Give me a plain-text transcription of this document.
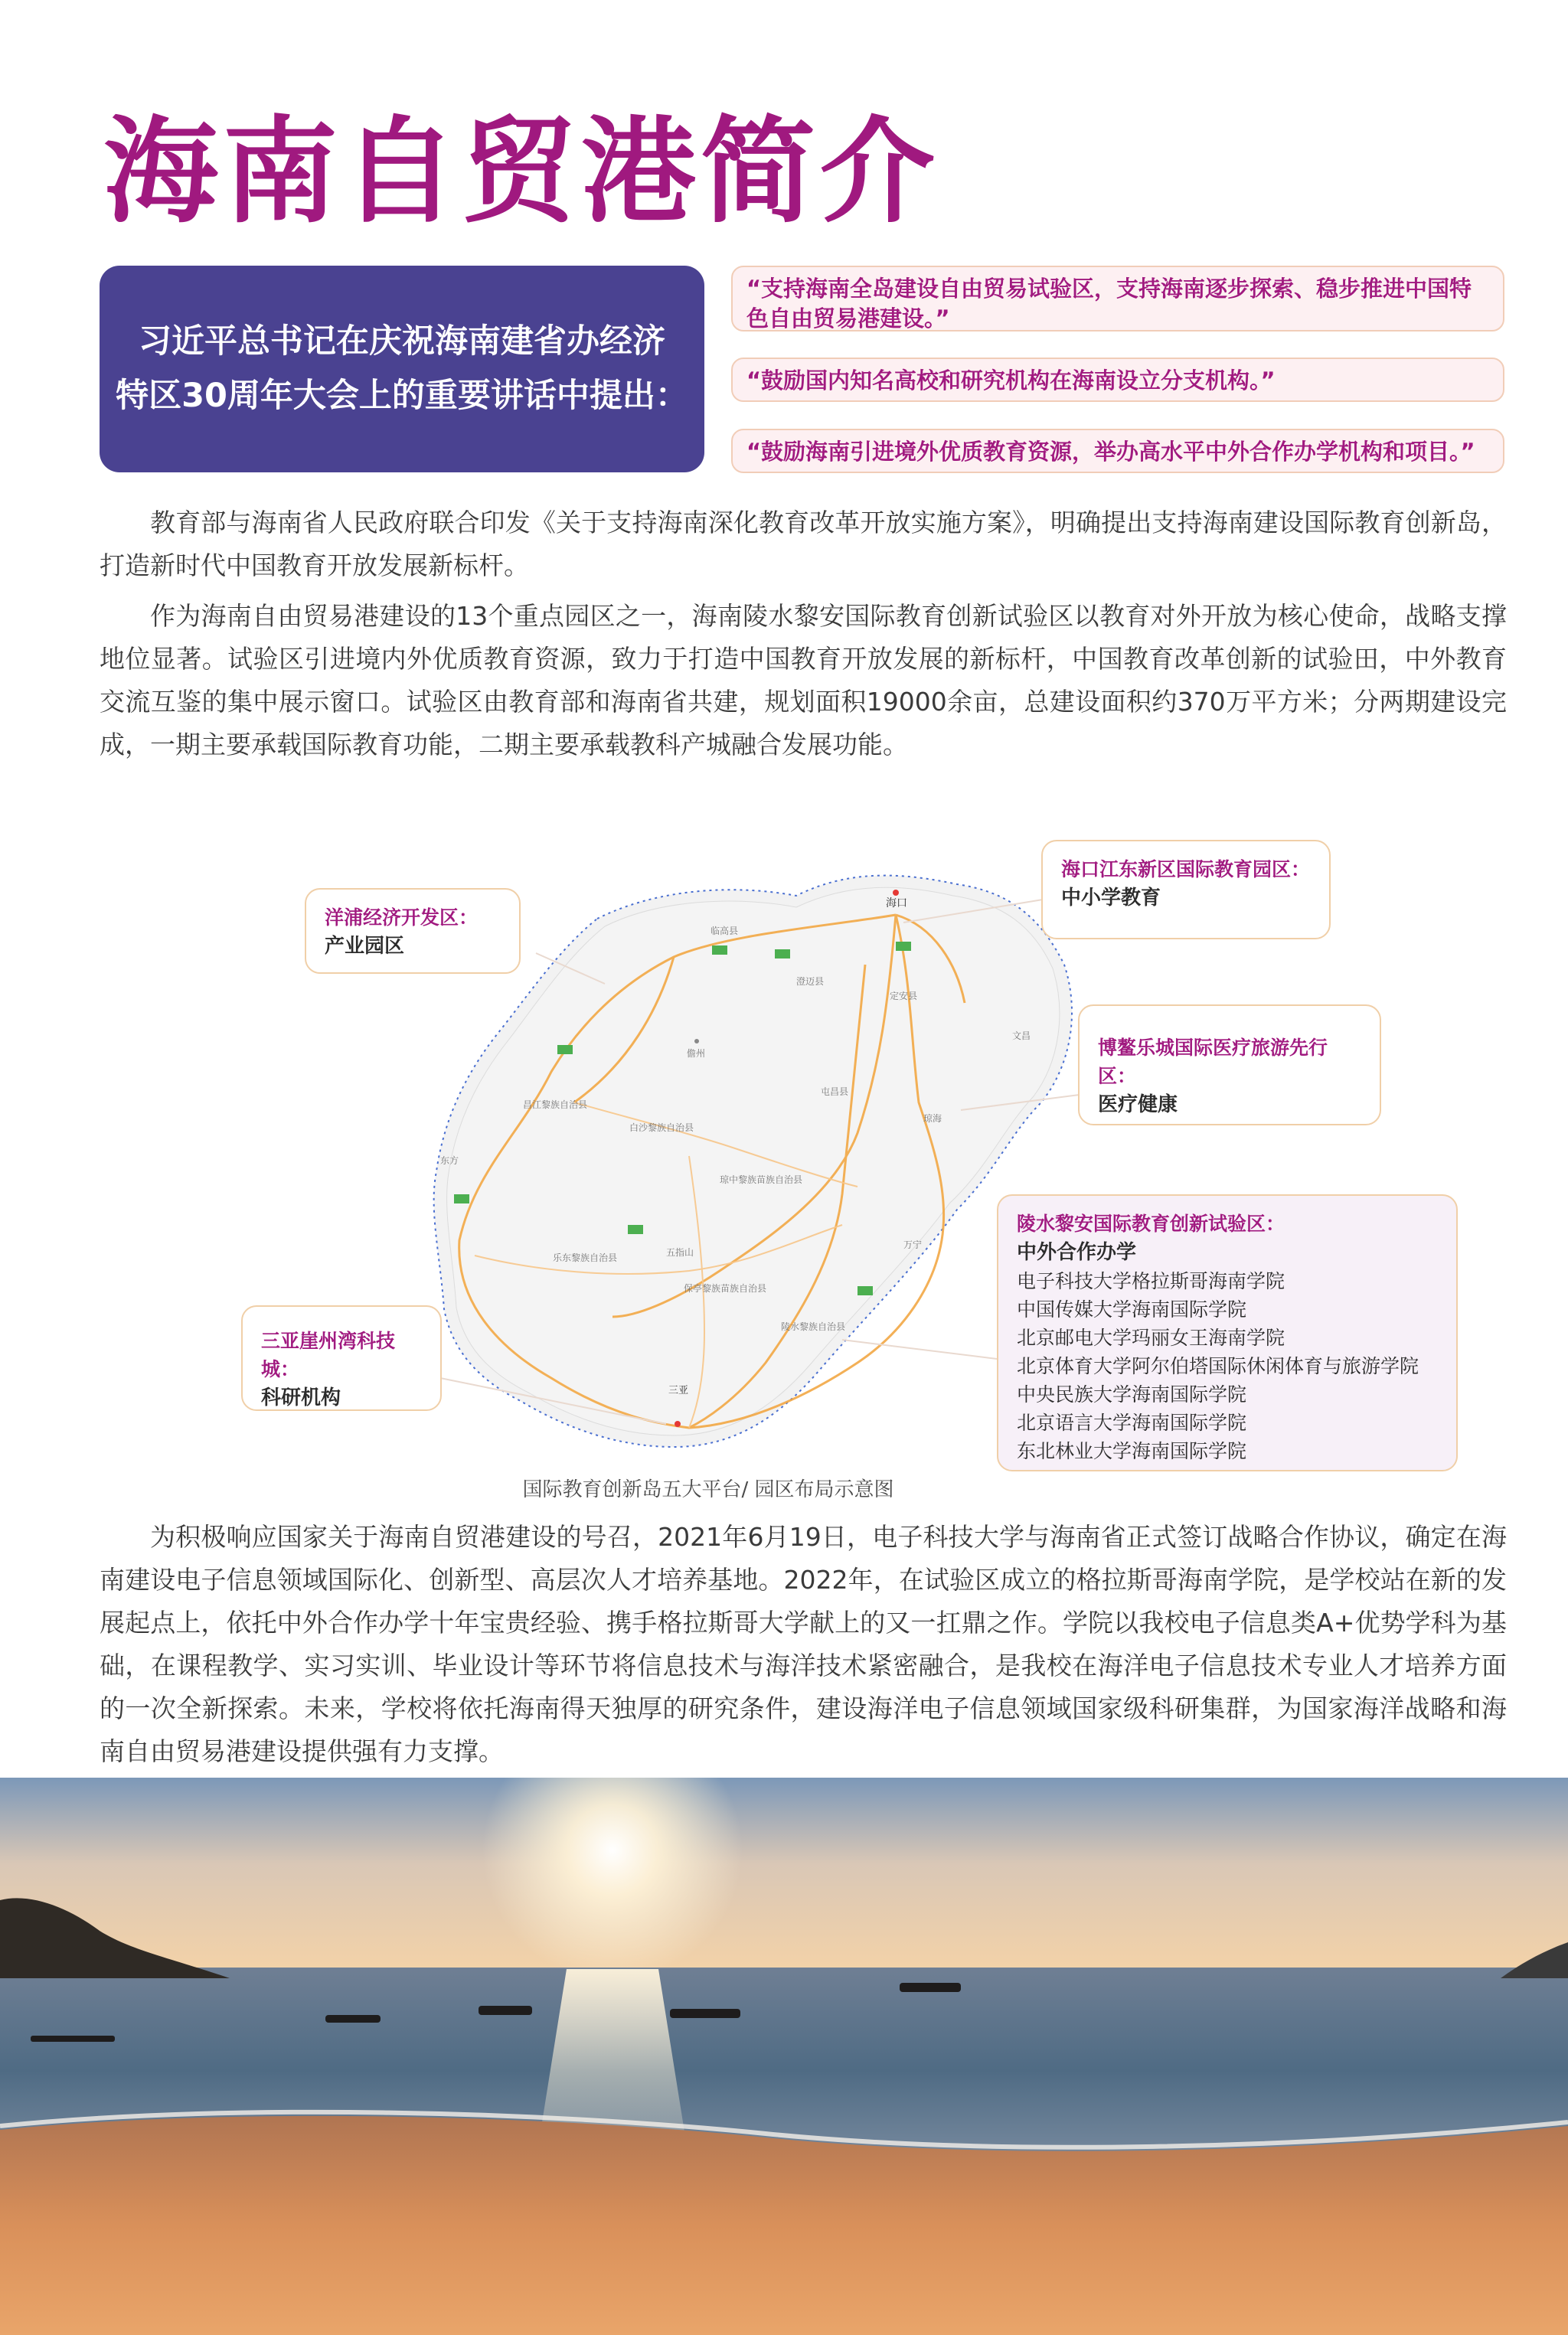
海南自贸港简介
习近平总书记在庆祝海南建省办经济
特区30周年大会上的重要讲话中提出：
“支持海南全岛建设自由贸易试验区，支持海南逐步探索、稳步推进中国特色自由贸易港建设。”
“鼓励国内知名高校和研究机构在海南设立分支机构。”
“鼓励海南引进境外优质教育资源，举办高水平中外合作办学机构和项目。”

教育部与海南省人民政府联合印发《关于支持海南深化教育改革开放实施方案》，明确提出支持海南建设国际教育创新岛，打造新时代中国教育开放发展新标杆。

作为海南自由贸易港建设的13个重点园区之一，海南陵水黎安国际教育创新试验区以教育对外开放为核心使命，战略支撑地位显著。试验区引进境内外优质教育资源，致力于打造中国教育开放发展的新标杆，中国教育改革创新的试验田，中外教育交流互鉴的集中展示窗口。试验区由教育部和海南省共建，规划面积19000余亩，总建设面积约370万平方米；分两期建设完成，一期主要承载国际教育功能，二期主要承载教科产城融合发展功能。

海口
临高县
澄迈县
定安县
文昌
儋州
昌江黎族自治县
白沙黎族自治县
屯昌县
琼海
东方
琼中黎族苗族自治县
乐东黎族自治县	五指山
保亭黎族苗族自治县
万宁
陵水黎族自治县
三亚
洋浦经济开发区：
产业园区
海口江东新区国际教育园区：
中小学教育
博鳌乐城国际医疗旅游先行区：
医疗健康
三亚崖州湾科技城：
科研机构
陵水黎安国际教育创新试验区：
中外合作办学
电子科技大学格拉斯哥海南学院
中国传媒大学海南国际学院
北京邮电大学玛丽女王海南学院
北京体育大学阿尔伯塔国际休闲体育与旅游学院
中央民族大学海南国际学院
北京语言大学海南国际学院
东北林业大学海南国际学院
国际教育创新岛五大平台/ 园区布局示意图

为积极响应国家关于海南自贸港建设的号召，2021年6月19日，电子科技大学与海南省正式签订战略合作协议，确定在海南建设电子信息领域国际化、创新型、高层次人才培养基地。2022年，在试验区成立的格拉斯哥海南学院，是学校站在新的发展起点上，依托中外合作办学十年宝贵经验、携手格拉斯哥大学献上的又一扛鼎之作。学院以我校电子信息类A+优势学科为基础，在课程教学、实习实训、毕业设计等环节将信息技术与海洋技术紧密融合，是我校在海洋电子信息技术专业人才培养方面的一次全新探索。未来，学校将依托海南得天独厚的研究条件，建设海洋电子信息领域国家级科研集群，为国家海洋战略和海南自由贸易港建设提供强有力支撑。
